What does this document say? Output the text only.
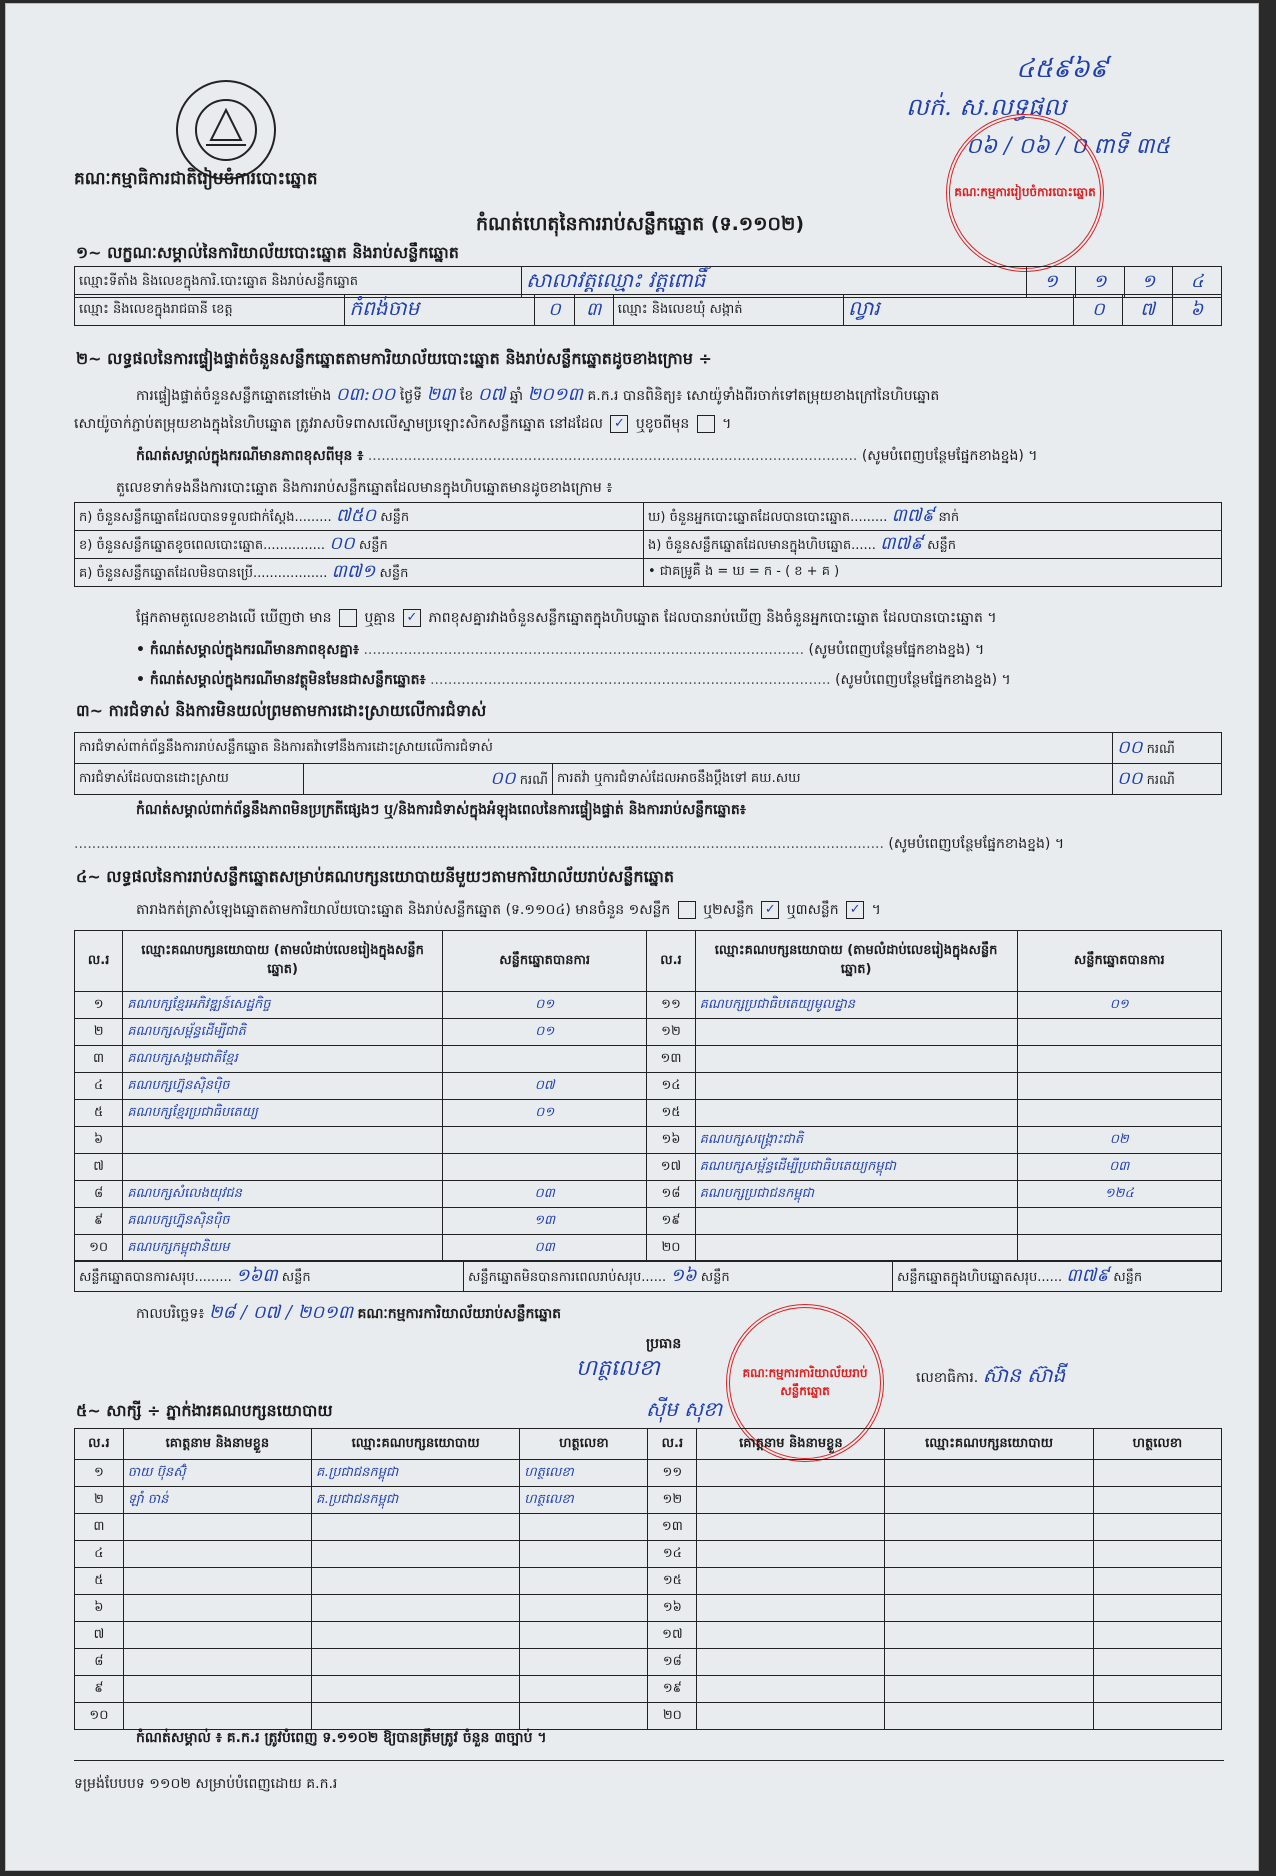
គណៈកម្មាធិការជាតិរៀបចំការបោះឆ្នោត
៤៥៩៦៩
លក់. ស.លទ្ធផល
០៦ / ០៦ / ០ ពាទី ៣៥
គណៈកម្មការរៀបចំការបោះឆ្នោត
កំណត់ហេតុនៃការរាប់សន្លឹកឆ្នោត (ទ.១១០២)
១~ លក្ខណៈសម្គាល់នៃការិយាល័យបោះឆ្នោត និងរាប់សន្លឹកឆ្នោត
ឈ្មោះទីតាំង និងលេខក្នុងការិ.បោះឆ្នោត និងរាប់សន្លឹកឆ្នោត	សាលាវត្តឈ្មោះ វត្តពោធិ៍	១	១	១	៤
ឈ្មោះ និងលេខក្នុងរាជធានី ខេត្ត	កំពង់ចាម	០	៣	ឈ្មោះ និងលេខឃុំ សង្កាត់	ល្វារ	០	៧	៦
២~ លទ្ធផលនៃការផ្ទៀងផ្ទាត់ចំនួនសន្លឹកឆ្នោតតាមការិយាល័យបោះឆ្នោត និងរាប់សន្លឹកឆ្នោតដូចខាងក្រោម ÷
ការផ្ទៀងផ្ទាត់ចំនួនសន្លឹកឆ្នោតនៅម៉ោង ០៣:០០ ថ្ងៃទី ២៣ ខែ ០៧ ឆ្នាំ ២០១៣ គ.ក.រ បានពិនិត្យ៖ សោយ៉ូទាំងពីរចាក់ទៅតម្រុយខាងក្រៅនៃហិបឆ្នោត
សោយ៉ូចាក់ភ្ជាប់តម្រុយខាងក្នុងនៃហិបឆ្នោត ត្រូវរាសបិទពាសលើស្នាមប្រឡោះសិកសន្លឹកឆ្នោត នៅដដែល ✓ ឬខូចពីមុន ។
កំណត់សម្គាល់ក្នុងករណីមានភាពខុសពីមុន ៖ .............................................................................................................. (សូមបំពេញបន្ថែមផ្នែកខាងខ្នង) ។
តួលេខទាក់ទងនឹងការបោះឆ្នោត និងការរាប់សន្លឹកឆ្នោតដែលមានក្នុងហិបឆ្នោតមានដូចខាងក្រោម ៖
ក) ចំនួនសន្លឹកឆ្នោតដែលបានទទួលជាក់ស្តែង......... ៧៥០ សន្លឹក	ឃ) ចំនួនអ្នកបោះឆ្នោតដែលបានបោះឆ្នោត......... ៣៧៩ នាក់
ខ) ចំនួនសន្លឹកឆ្នោតខូចពេលបោះឆ្នោត............... ០០ សន្លឹក	ង) ចំនួនសន្លឹកឆ្នោតដែលមានក្នុងហិបឆ្នោត...... ៣៧៩ សន្លឹក
គ) ចំនួនសន្លឹកឆ្នោតដែលមិនបានប្រើ.................. ៣៧១ សន្លឹក	• ជាគម្រូគឺ ង = ឃ = ក - ( ខ + គ )
ផ្អែកតាមតួលេខខាងលើ ឃើញថា មាន ឬគ្មាន ✓ ភាពខុសគ្នារវាងចំនួនសន្លឹកឆ្នោតក្នុងហិបឆ្នោត ដែលបានរាប់ឃើញ និងចំនួនអ្នកបោះឆ្នោត ដែលបានបោះឆ្នោត ។
• កំណត់សម្គាល់ក្នុងករណីមានភាពខុសគ្នា៖ ................................................................................................... (សូមបំពេញបន្ថែមផ្នែកខាងខ្នង) ។
• កំណត់សម្គាល់ក្នុងករណីមានវត្ថុមិនមែនជាសន្លឹកឆ្នោត៖ .......................................................................................... (សូមបំពេញបន្ថែមផ្នែកខាងខ្នង) ។
៣~ ការជំទាស់ និងការមិនយល់ព្រមតាមការដោះស្រាយលើការជំទាស់
ការជំទាស់ពាក់ព័ន្ធនឹងការរាប់សន្លឹកឆ្នោត និងការតវ៉ាទៅនឹងការដោះស្រាយលើការជំទាស់			០០ ករណី
ការជំទាស់ដែលបានដោះស្រាយ	០០ ករណី	ការតវ៉ា ឬការជំទាស់ដែលអាចនឹងប្តឹងទៅ គឃ.សឃ	០០ ករណី
កំណត់សម្គាល់ពាក់ព័ន្ធនឹងភាពមិនប្រក្រតីផ្សេងៗ ឬ/និងការជំទាស់ក្នុងអំឡុងពេលនៃការផ្ទៀងផ្ទាត់ និងការរាប់សន្លឹកឆ្នោត៖
...................................................................................................................................................................................... (សូមបំពេញបន្ថែមផ្នែកខាងខ្នង) ។
៤~ លទ្ធផលនៃការរាប់សន្លឹកឆ្នោតសម្រាប់គណបក្សនយោបាយនីមួយៗតាមការិយាល័យរាប់សន្លឹកឆ្នោត
តារាងកត់ត្រាសំឡេងឆ្នោតតាមការិយាល័យបោះឆ្នោត និងរាប់សន្លឹកឆ្នោត (ទ.១១០៤) មានចំនួន ១សន្លឹក ឬ២សន្លឹក ✓ ឬ៣សន្លឹក ✓ ។
ល.រ	ឈ្មោះគណបក្សនយោបាយ (តាមលំដាប់លេខរៀងក្នុងសន្លឹកឆ្នោត)	សន្លឹកឆ្នោតបានការ	ល.រ	ឈ្មោះគណបក្សនយោបាយ (តាមលំដាប់លេខរៀងក្នុងសន្លឹកឆ្នោត)	សន្លឹកឆ្នោតបានការ
១	គណបក្សខ្មែរអភិវឌ្ឍន៍សេដ្ឋកិច្ច	០១	១១	គណបក្សប្រជាធិបតេយ្យមូលដ្ឋាន	០១
២	គណបក្សសម្ព័ន្ធដើម្បីជាតិ	០១	១២		
៣	គណបក្សសង្គមជាតិខ្មែរ		១៣		
៤	គណបក្សហ្វ៊ុនស៊ិនប៉ិច	០៧	១៤		
៥	គណបក្សខ្មែរប្រជាធិបតេយ្យ	០១	១៥		
៦			១៦	គណបក្សសង្គ្រោះជាតិ	០២
៧			១៧	គណបក្សសម្ព័ន្ធដើម្បីប្រជាធិបតេយ្យកម្ពុជា	០៣
៨	គណបក្សសំលេងយុវជន	០៣	១៨	គណបក្សប្រជាជនកម្ពុជា	១២៤
៩	គណបក្សហ្វ៊ុនស៊ិនប៉ិច	១៣	១៩		
១០	គណបក្សកម្ពុជានិយម	០៣	២០		
សន្លឹកឆ្នោតបានការសរុប......... ១៦៣ សន្លឹក	សន្លឹកឆ្នោតមិនបានការពេលរាប់សរុប...... ១៦ សន្លឹក	សន្លឹកឆ្នោតក្នុងហិបឆ្នោតសរុប...... ៣៧៩ សន្លឹក
កាលបរិច្ឆេទ៖ ២៨ / ០៧ / ២០១៣ គណៈកម្មការការិយាល័យរាប់សន្លឹកឆ្នោត
ប្រធាន
គណៈកម្មការការិយាល័យរាប់សន្លឹកឆ្នោត
ហត្ថលេខា
ស៊ីម សុខា
លេខាធិការ. ស៊ាន ស៊ាងី
៥~ សាក្សី ÷ ភ្នាក់ងារគណបក្សនយោបាយ
ល.រ	គោត្តនាម និងនាមខ្លួន	ឈ្មោះគណបក្សនយោបាយ	ហត្ថលេខា	ល.រ	គោត្តនាម និងនាមខ្លួន	ឈ្មោះគណបក្សនយោបាយ	ហត្ថលេខា
១	ចាយ ប៊ុនស៊ុំ	គ.ប្រជាជនកម្ពុជា	ហត្ថលេខា	១១			
២	ឡាំ ចាន់	គ.ប្រជាជនកម្ពុជា	ហត្ថលេខា	១២			
៣				១៣			
៤				១៤			
៥				១៥			
៦				១៦			
៧				១៧			
៨				១៨			
៩				១៩			
១០				២០			
កំណត់សម្គាល់ ៖ គ.ក.រ ត្រូវបំពេញ ទ.១១០២ ឱ្យបានត្រឹមត្រូវ ចំនួន ៣ច្បាប់ ។
ទម្រង់បែបបទ ១១០២ សម្រាប់បំពេញដោយ គ.ក.រ
